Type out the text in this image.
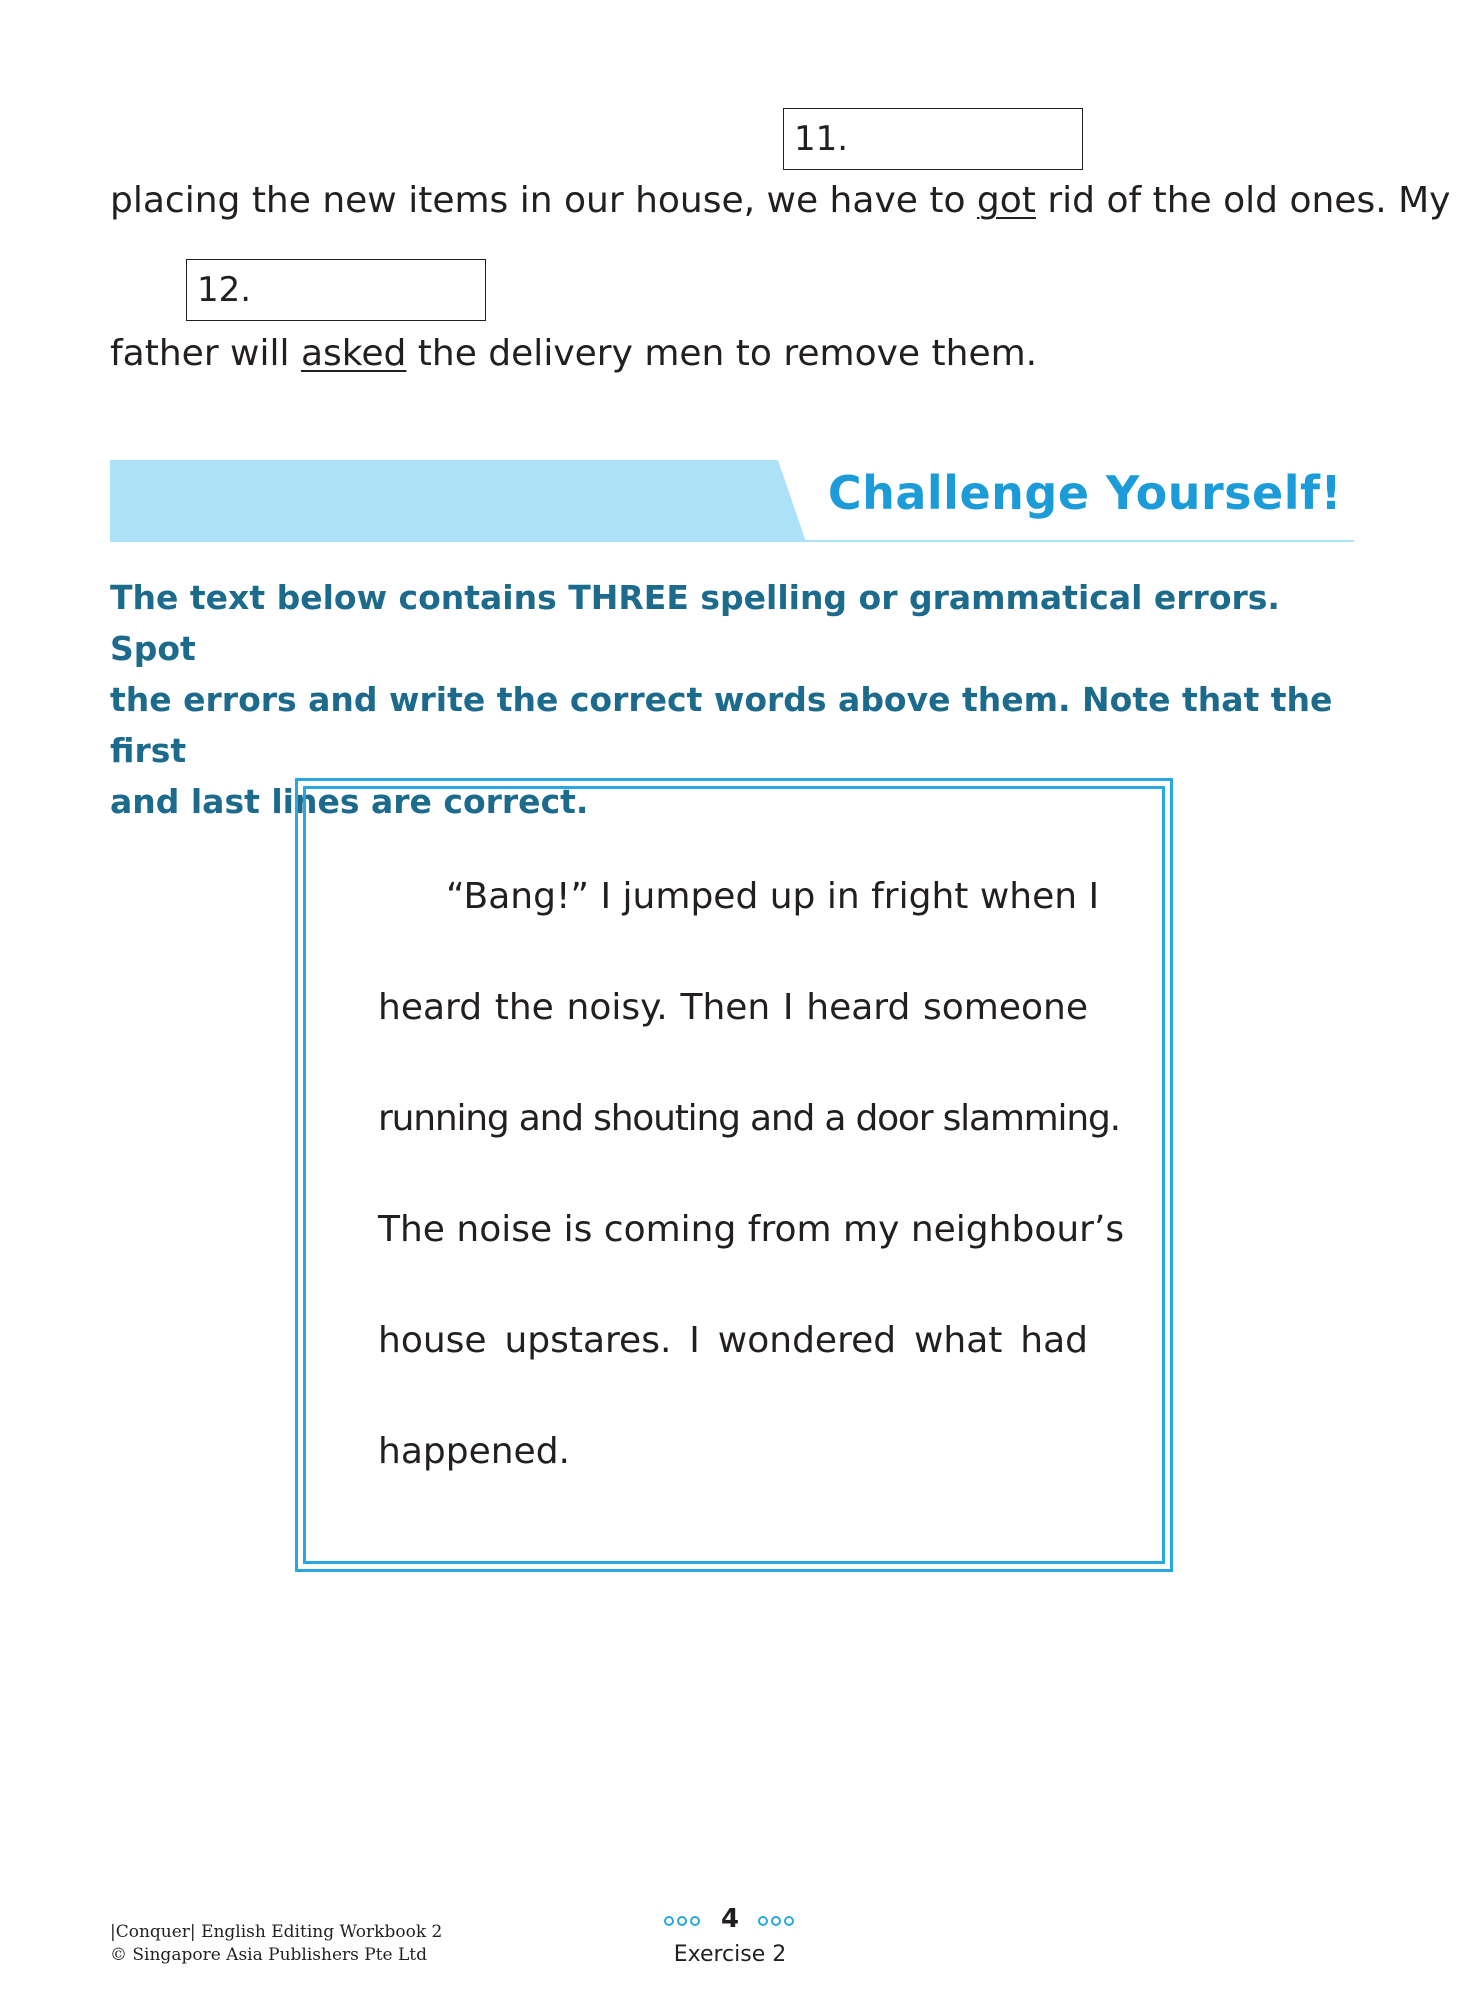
11.
placing the new items in our house, we have to got rid of the old ones. My
12.
father will asked the delivery men to remove them.
Challenge Yourself!
The text below contains THREE spelling or grammatical errors. Spot
the errors and write the correct words above them. Note that the first
and last lines are correct.
“Bang!” I jumped up in fright when I
heard the noisy. Then I heard someone
running and shouting and a door slamming.
The noise is coming from my neighbour’s
house upstares. I wondered what had
happened.
|Conquer| English Editing Workbook 2
© Singapore Asia Publishers Pte Ltd
4
Exercise 2
